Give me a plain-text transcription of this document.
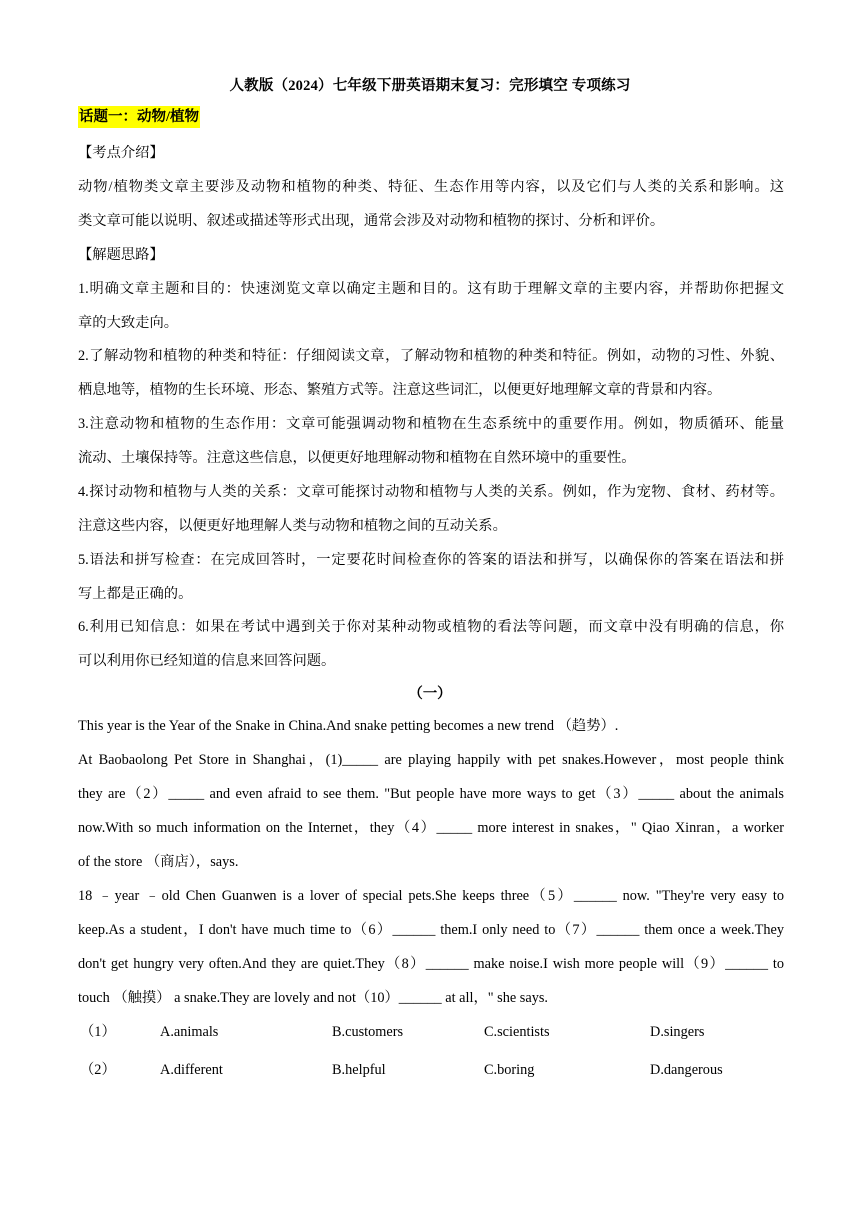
人教版（2024）七年级下册英语期末复习：完形填空 专项练习
话题一：动物/植物
【考点介绍】
动物/植物类文章主要涉及动物和植物的种类、特征、生态作用等内容，以及它们与人类的关系和影响。这
类文章可能以说明、叙述或描述等形式出现，通常会涉及对动物和植物的探讨、分析和评价。
【解题思路】
1.明确文章主题和目的：快速浏览文章以确定主题和目的。这有助于理解文章的主要内容，并帮助你把握文
章的大致走向。
2.了解动物和植物的种类和特征：仔细阅读文章，了解动物和植物的种类和特征。例如，动物的习性、外貌、
栖息地等，植物的生长环境、形态、繁殖方式等。注意这些词汇，以便更好地理解文章的背景和内容。
3.注意动物和植物的生态作用：文章可能强调动物和植物在生态系统中的重要作用。例如，物质循环、能量
流动、土壤保持等。注意这些信息，以便更好地理解动物和植物在自然环境中的重要性。
4.探讨动物和植物与人类的关系：文章可能探讨动物和植物与人类的关系。例如，作为宠物、食材、药材等。
注意这些内容，以便更好地理解人类与动物和植物之间的互动关系。
5.语法和拼写检查：在完成回答时，一定要花时间检查你的答案的语法和拼写，以确保你的答案在语法和拼
写上都是正确的。
6.利用已知信息：如果在考试中遇到关于你对某种动物或植物的看法等问题，而文章中没有明确的信息，你
可以利用你已经知道的信息来回答问题。
（一）
This year is the Year of the Snake in China.And snake petting becomes a new trend （趋势）.
At Baobaolong Pet Store in Shanghai，(1)_____ are playing happily with pet snakes.However，most people think
they are（2）_____ and even afraid to see them. "But people have more ways to get（3）_____ about the animals
now.With so much information on the Internet，they（4）_____ more interest in snakes，" Qiao Xinran，a worker
of the store （商店），says.
18 ﹣year ﹣old Chen Guanwen is a lover of special pets.She keeps three（5）______ now. "They're very easy to
keep.As a student，I don't have much time to（6）______ them.I only need to（7）______ them once a week.They
don't get hungry very often.And they are quiet.They（8）______ make noise.I wish more people will（9）______ to
touch （触摸） a snake.They are lovely and not（10）______ at all，" she says.
（1）	A.animals	B.customers	C.scientists	D.singers
（2）	A.different	B.helpful	C.boring	D.dangerous
